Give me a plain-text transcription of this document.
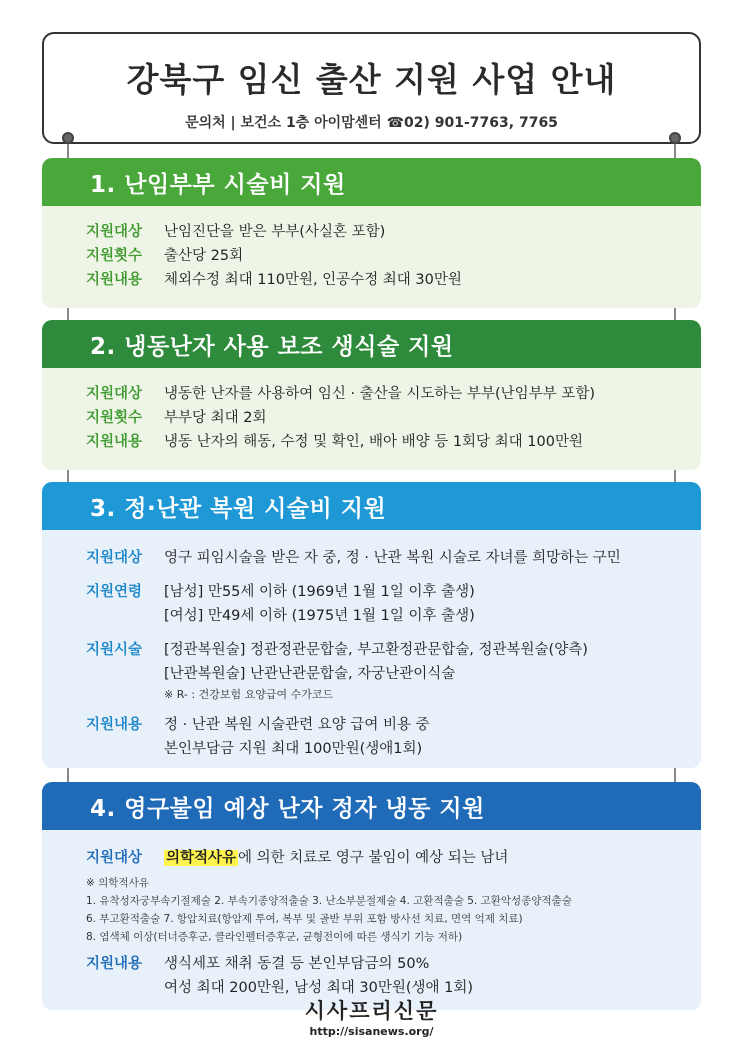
강북구 임신 출산 지원 사업 안내
문의처 | 보건소 1층 아이맘센터 ☎02) 901-7763, 7765
1. 난임부부 시술비 지원
지원대상	난임진단을 받은 부부(사실혼 포함)
지원횟수	출산당 25회
지원내용	체외수정 최대 110만원, 인공수정 최대 30만원
2. 냉동난자 사용 보조 생식술 지원
지원대상	냉동한 난자를 사용하여 임신 · 출산을 시도하는 부부(난임부부 포함)
지원횟수	부부당 최대 2회
지원내용	냉동 난자의 해동, 수정 및 확인, 배아 배양 등 1회당 최대 100만원
3. 정·난관 복원 시술비 지원
지원대상	영구 피임시술을 받은 자 중, 정 · 난관 복원 시술로 자녀를 희망하는 구민
지원연령	[남성] 만55세 이하 (1969년 1월 1일 이후 출생)
[여성] 만49세 이하 (1975년 1월 1일 이후 출생)
지원시술	[정관복원술] 정관정관문합술, 부고환정관문합술, 정관복원술(양측)
[난관복원술] 난관난관문합술, 자궁난관이식술
※ R- : 건강보험 요양급여 수가코드
지원내용	정 · 난관 복원 시술관련 요양 급여 비용 중
본인부담금 지원 최대 100만원(생애1회)
4. 영구불임 예상 난자 정자 냉동 지원
지원대상	의학적사유 에 의한 치료로 영구 불임이 예상 되는 남녀
※ 의학적사유
1. 유착성자궁부속기절제술 2. 부속기종양적출술 3. 난소부분절제술 4. 고환적출술 5. 고환악성종양적출술
6. 부고환적출술 7. 항암치료(항암제 투여, 복부 및 골반 부위 포함 방사선 치료, 면역 억제 치료)
8. 염색체 이상(터너증후군, 클라인펠터증후군, 균형전이에 따른 생식기 기능 저하)
지원내용	생식세포 채취 동결 등 본인부담금의 50%
여성 최대 200만원, 남성 최대 30만원(생애 1회)
시사프리신문
http://sisanews.org/
